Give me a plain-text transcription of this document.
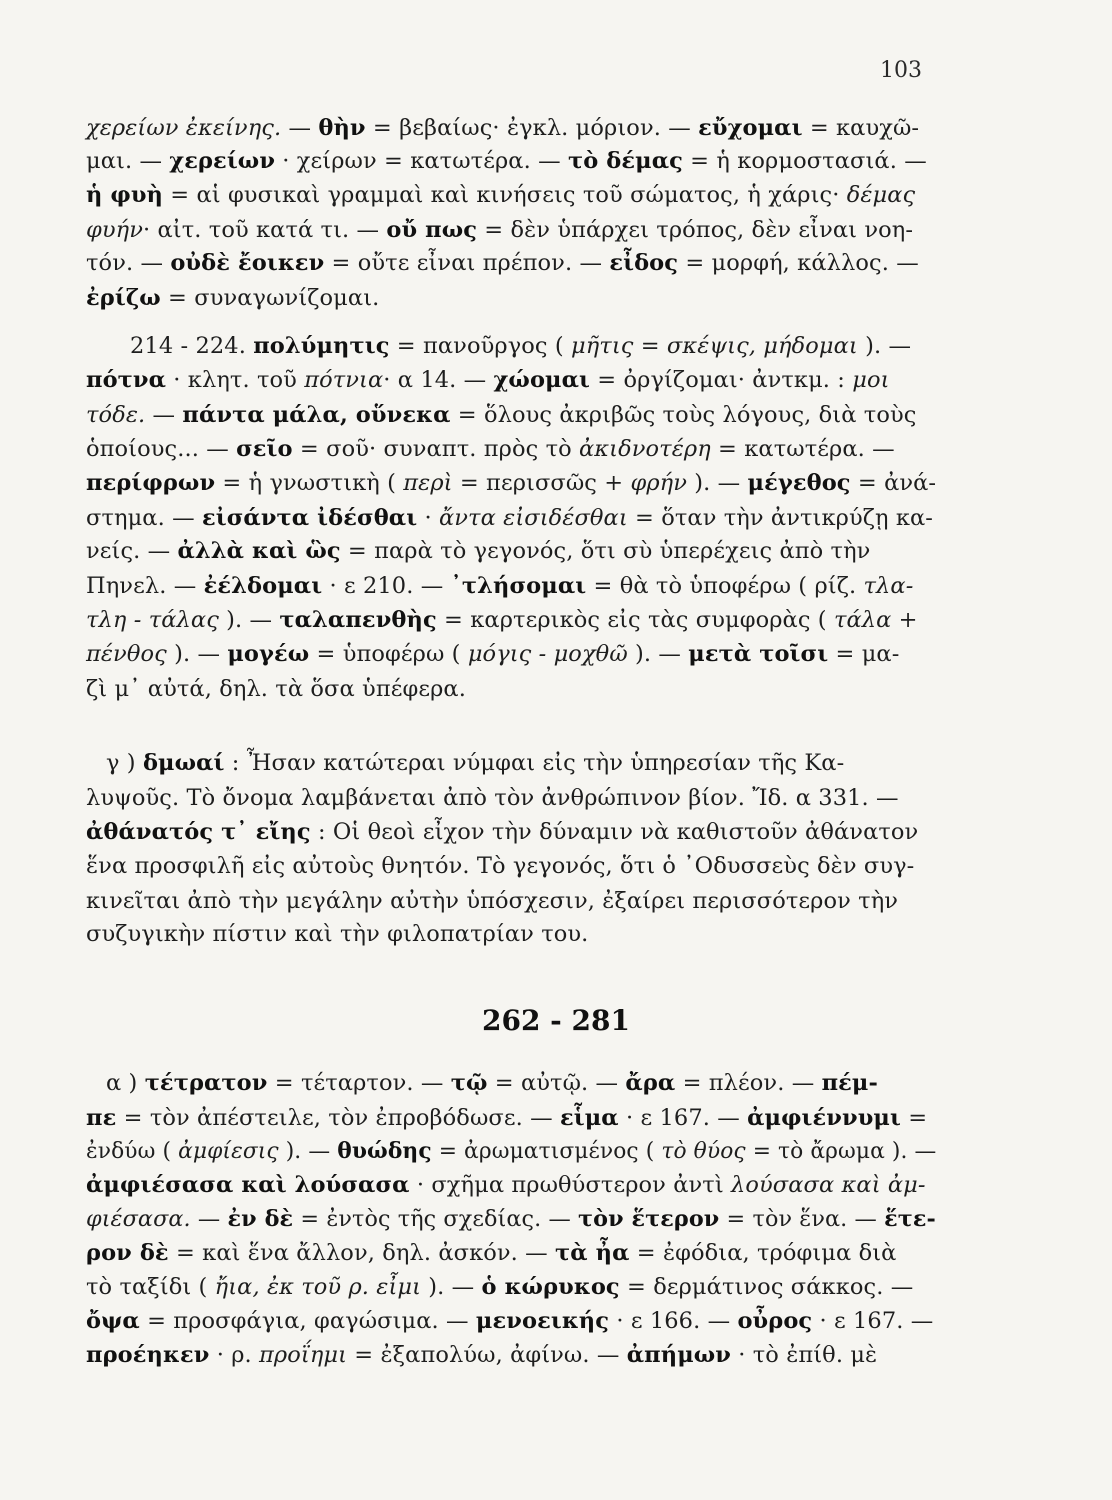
103
χερείων ἐκείνης. — θὴν = βεβαίως· ἐγκλ. μόριον. — εὔχομαι = καυχῶ-
μαι. — χερείων · χείρων = κατωτέρα. — τὸ δέμας = ἡ κορμοστασιά. —
ἡ φυὴ = αἱ φυσικαὶ γραμμαὶ καὶ κινήσεις τοῦ σώματος, ἡ χάρις· δέμας
φυήν· αἰτ. τοῦ κατά τι. — οὔ πως = δὲν ὑπάρχει τρόπος, δὲν εἶναι νοη-
τόν. — οὐδὲ ἔοικεν = οὔτε εἶναι πρέπον. — εἶδος = μορφή, κάλλος. —
ἐρίζω = συναγωνίζομαι.
214 - 224. πολύμητις = πανοῦργος ( μῆτις = σκέψις, μήδομαι ). —
πότνα · κλητ. τοῦ πότνια· α 14. — χώομαι = ὀργίζομαι· ἀντκμ. : μοι
τόδε. — πάντα μάλα, οὕνεκα = ὅλους ἀκριβῶς τοὺς λόγους, διὰ τοὺς
ὁποίους... — σεῖο = σοῦ· συναπτ. πρὸς τὸ ἀκιδνοτέρη = κατωτέρα. —
περίφρων = ἡ γνωστικὴ ( περὶ = περισσῶς + φρήν ). — μέγεθος = ἀνά-
στημα. — εἰσάντα ἰδέσθαι · ἄντα εἰσιδέσθαι = ὅταν τὴν ἀντικρύζῃ κα-
νείς. — ἀλλὰ καὶ ὣς = παρὰ τὸ γεγονός, ὅτι σὺ ὑπερέχεις ἀπὸ τὴν
Πηνελ. — ἐέλδομαι · ε 210. — ᾿τλήσομαι = θὰ τὸ ὑποφέρω ( ρίζ. τλα-
τλη - τάλας ). — ταλαπενθὴς = καρτερικὸς εἰς τὰς συμφορὰς ( τάλα +
πένθος ). — μογέω = ὑποφέρω ( μόγις - μοχθῶ ). — μετὰ τοῖσι = μα-
ζὶ μ᾿ αὐτά, δηλ. τὰ ὅσα ὑπέφερα.
γ ) δμωαί : Ἦσαν κατώτεραι νύμφαι εἰς τὴν ὑπηρεσίαν τῆς Κα-
λυψοῦς. Τὸ ὄνομα λαμβάνεται ἀπὸ τὸν ἀνθρώπινον βίον. Ἴδ. α 331. —
ἀθάνατός τ᾿ εἴης : Οἱ θεοὶ εἶχον τὴν δύναμιν νὰ καθιστοῦν ἀθάνατον
ἕνα προσφιλῆ εἰς αὐτοὺς θνητόν. Τὸ γεγονός, ὅτι ὁ ᾿Οδυσσεὺς δὲν συγ-
κινεῖται ἀπὸ τὴν μεγάλην αὐτὴν ὑπόσχεσιν, ἐξαίρει περισσότερον τὴν
συζυγικὴν πίστιν καὶ τὴν φιλοπατρίαν του.
α ) τέτρατον = τέταρτον. — τῷ = αὐτῷ. — ἄρα = πλέον. — πέμ-
πε = τὸν ἀπέστειλε, τὸν ἐπροβόδωσε. — εἷμα · ε 167. — ἀμφιέννυμι =
ἐνδύω ( ἀμφίεσις ). — θυώδης = ἀρωματισμένος ( τὸ θύος = τὸ ἄρωμα ). —
ἀμφιέσασα καὶ λούσασα · σχῆμα πρωθύστερον ἀντὶ λούσασα καὶ ἀμ-
φιέσασα. — ἐν δὲ = ἐντὸς τῆς σχεδίας. — τὸν ἕτερον = τὸν ἕνα. — ἕτε-
ρον δὲ = καὶ ἕνα ἄλλον, δηλ. ἀσκόν. — τὰ ἦα = ἐφόδια, τρόφιμα διὰ
τὸ ταξίδι ( ἤια, ἐκ τοῦ ρ. εἶμι ). — ὁ κώρυκος = δερμάτινος σάκκος. —
ὄψα = προσφάγια, φαγώσιμα. — μενοεικής · ε 166. — οὖρος · ε 167. —
προέηκεν · ρ. προΐημι = ἐξαπολύω, ἀφίνω. — ἀπήμων · τὸ ἐπίθ. μὲ
262 - 281
